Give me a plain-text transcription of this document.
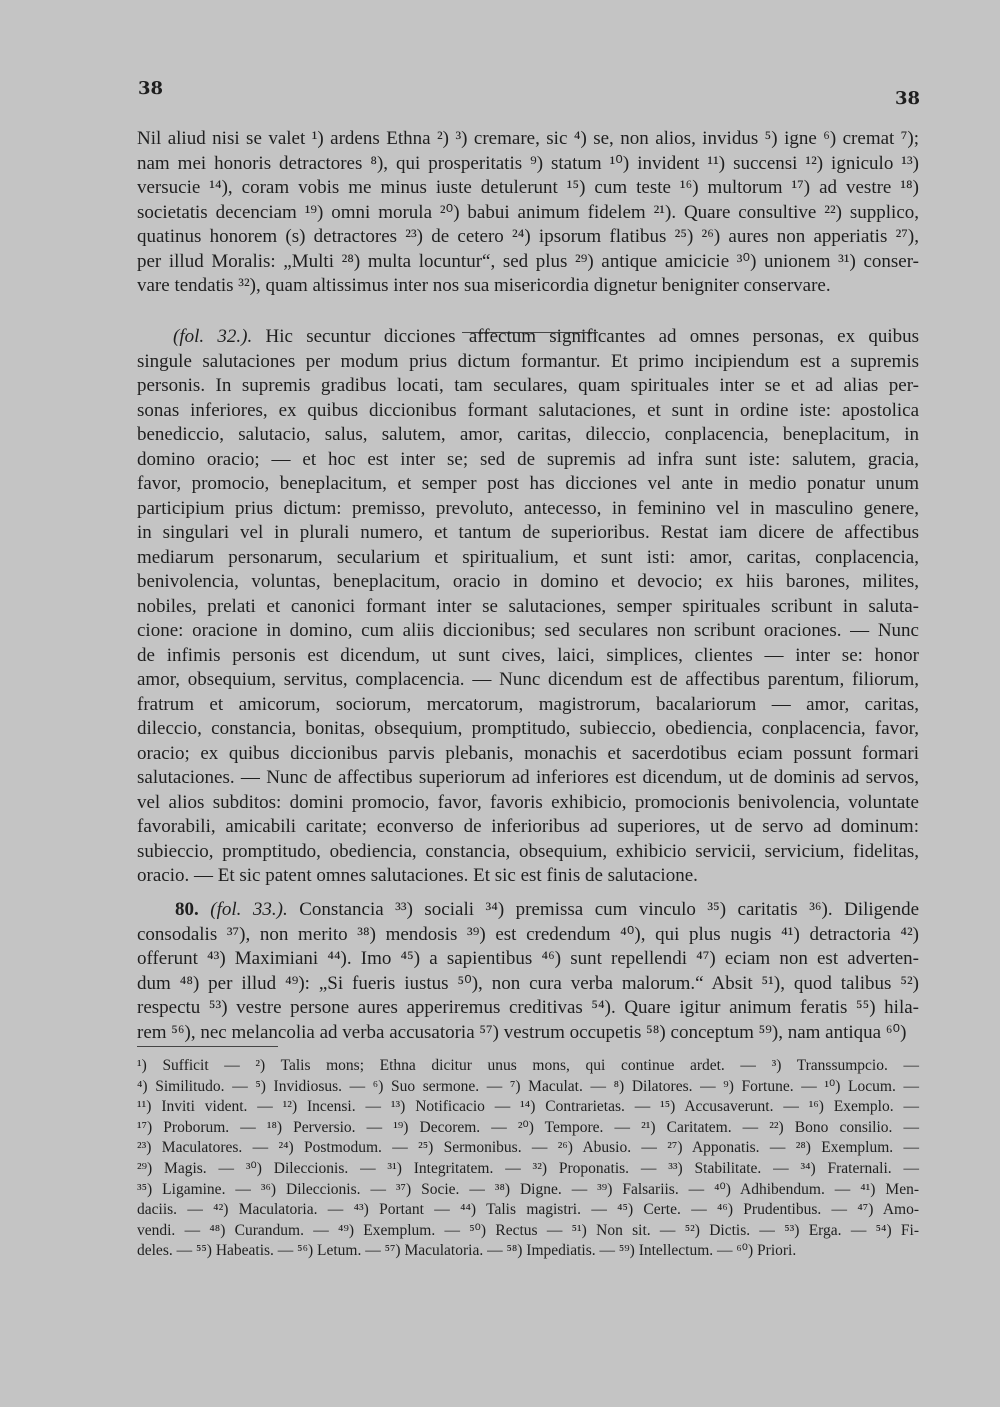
38	38
Nil aliud nisi se valet ¹) ardens Ethna ²) ³) cremare, sic ⁴) se, non alios, invidus ⁵) igne ⁶) cremat ⁷);
nam mei honoris detractores ⁸), qui prosperitatis ⁹) statum ¹⁰) invident ¹¹) succensi ¹²) igniculo ¹³)
versucie ¹⁴), coram vobis me minus iuste detulerunt ¹⁵) cum teste ¹⁶) multorum ¹⁷) ad vestre ¹⁸)
societatis decenciam ¹⁹) omni morula ²⁰) babui animum fidelem ²¹). Quare consultive ²²) supplico,
quatinus honorem (s) detractores ²³) de cetero ²⁴) ipsorum flatibus ²⁵) ²⁶) aures non apperiatis ²⁷),
per illud Moralis: „Multi ²⁸) multa locuntur“, sed plus ²⁹) antique amicicie ³⁰) unionem ³¹) conser-
vare tendatis ³²), quam altissimus inter nos sua misericordia dignetur benigniter conservare.
(fol. 32.). Hic secuntur dicciones affectum significantes ad omnes personas, ex quibus
singule salutaciones per modum prius dictum formantur. Et primo incipiendum est a supremis
personis. In supremis gradibus locati, tam seculares, quam spirituales inter se et ad alias per-
sonas inferiores, ex quibus diccionibus formant salutaciones, et sunt in ordine iste: apostolica
benediccio, salutacio, salus, salutem, amor, caritas, dileccio, conplacencia, beneplacitum, in
domino oracio; — et hoc est inter se; sed de supremis ad infra sunt iste: salutem, gracia,
favor, promocio, beneplacitum, et semper post has dicciones vel ante in medio ponatur unum
participium prius dictum: premisso, prevoluto, antecesso, in feminino vel in masculino genere,
in singulari vel in plurali numero, et tantum de superioribus. Restat iam dicere de affectibus
mediarum personarum, secularium et spiritualium, et sunt isti: amor, caritas, conplacencia,
benivolencia, voluntas, beneplacitum, oracio in domino et devocio; ex hiis barones, milites,
nobiles, prelati et canonici formant inter se salutaciones, semper spirituales scribunt in saluta-
cione: oracione in domino, cum aliis diccionibus; sed seculares non scribunt oraciones. — Nunc
de infimis personis est dicendum, ut sunt cives, laici, simplices, clientes — inter se: honor
amor, obsequium, servitus, complacencia. — Nunc dicendum est de affectibus parentum, filiorum,
fratrum et amicorum, sociorum, mercatorum, magistrorum, bacalariorum — amor, caritas,
dileccio, constancia, bonitas, obsequium, promptitudo, subieccio, obediencia, conplacencia, favor,
oracio; ex quibus diccionibus parvis plebanis, monachis et sacerdotibus eciam possunt formari
salutaciones. — Nunc de affectibus superiorum ad inferiores est dicendum, ut de dominis ad servos,
vel alios subditos: domini promocio, favor, favoris exhibicio, promocionis benivolencia, voluntate
favorabili, amicabili caritate; econverso de inferioribus ad superiores, ut de servo ad dominum:
subieccio, promptitudo, obediencia, constancia, obsequium, exhibicio servicii, servicium, fidelitas,
oracio. — Et sic patent omnes salutaciones. Et sic est finis de salutacione.
80. (fol. 33.). Constancia ³³) sociali ³⁴) premissa cum vinculo ³⁵) caritatis ³⁶). Diligende
consodalis ³⁷), non merito ³⁸) mendosis ³⁹) est credendum ⁴⁰), qui plus nugis ⁴¹) detractoria ⁴²)
offerunt ⁴³) Maximiani ⁴⁴). Imo ⁴⁵) a sapientibus ⁴⁶) sunt repellendi ⁴⁷) eciam non est adverten-
dum ⁴⁸) per illud ⁴⁹): „Si fueris iustus ⁵⁰), non cura verba malorum.“ Absit ⁵¹), quod talibus ⁵²)
respectu ⁵³) vestre persone aures apperiremus creditivas ⁵⁴). Quare igitur animum feratis ⁵⁵) hila-
rem ⁵⁶), nec melancolia ad verba accusatoria ⁵⁷) vestrum occupetis ⁵⁸) conceptum ⁵⁹), nam antiqua ⁶⁰)
¹) Sufficit — ²) Talis mons; Ethna dicitur unus mons, qui continue ardet. — ³) Transsumpcio. —
⁴) Similitudo. — ⁵) Invidiosus. — ⁶) Suo sermone. — ⁷) Maculat. — ⁸) Dilatores. — ⁹) Fortune. — ¹⁰) Locum. —
¹¹) Inviti vident. — ¹²) Incensi. — ¹³) Notificacio — ¹⁴) Contrarietas. — ¹⁵) Accusaverunt. — ¹⁶) Exemplo. —
¹⁷) Proborum. — ¹⁸) Perversio. — ¹⁹) Decorem. — ²⁰) Tempore. — ²¹) Caritatem. — ²²) Bono consilio. —
²³) Maculatores. — ²⁴) Postmodum. — ²⁵) Sermonibus. — ²⁶) Abusio. — ²⁷) Apponatis. — ²⁸) Exemplum. —
²⁹) Magis. — ³⁰) Dileccionis. — ³¹) Integritatem. — ³²) Proponatis. — ³³) Stabilitate. — ³⁴) Fraternali. —
³⁵) Ligamine. — ³⁶) Dileccionis. — ³⁷) Socie. — ³⁸) Digne. — ³⁹) Falsariis. — ⁴⁰) Adhibendum. — ⁴¹) Men-
daciis. — ⁴²) Maculatoria. — ⁴³) Portant — ⁴⁴) Talis magistri. — ⁴⁵) Certe. — ⁴⁶) Prudentibus. — ⁴⁷) Amo-
vendi. — ⁴⁸) Curandum. — ⁴⁹) Exemplum. — ⁵⁰) Rectus — ⁵¹) Non sit. — ⁵²) Dictis. — ⁵³) Erga. — ⁵⁴) Fi-
deles. — ⁵⁵) Habeatis. — ⁵⁶) Letum. — ⁵⁷) Maculatoria. — ⁵⁸) Impediatis. — ⁵⁹) Intellectum. — ⁶⁰) Priori.
